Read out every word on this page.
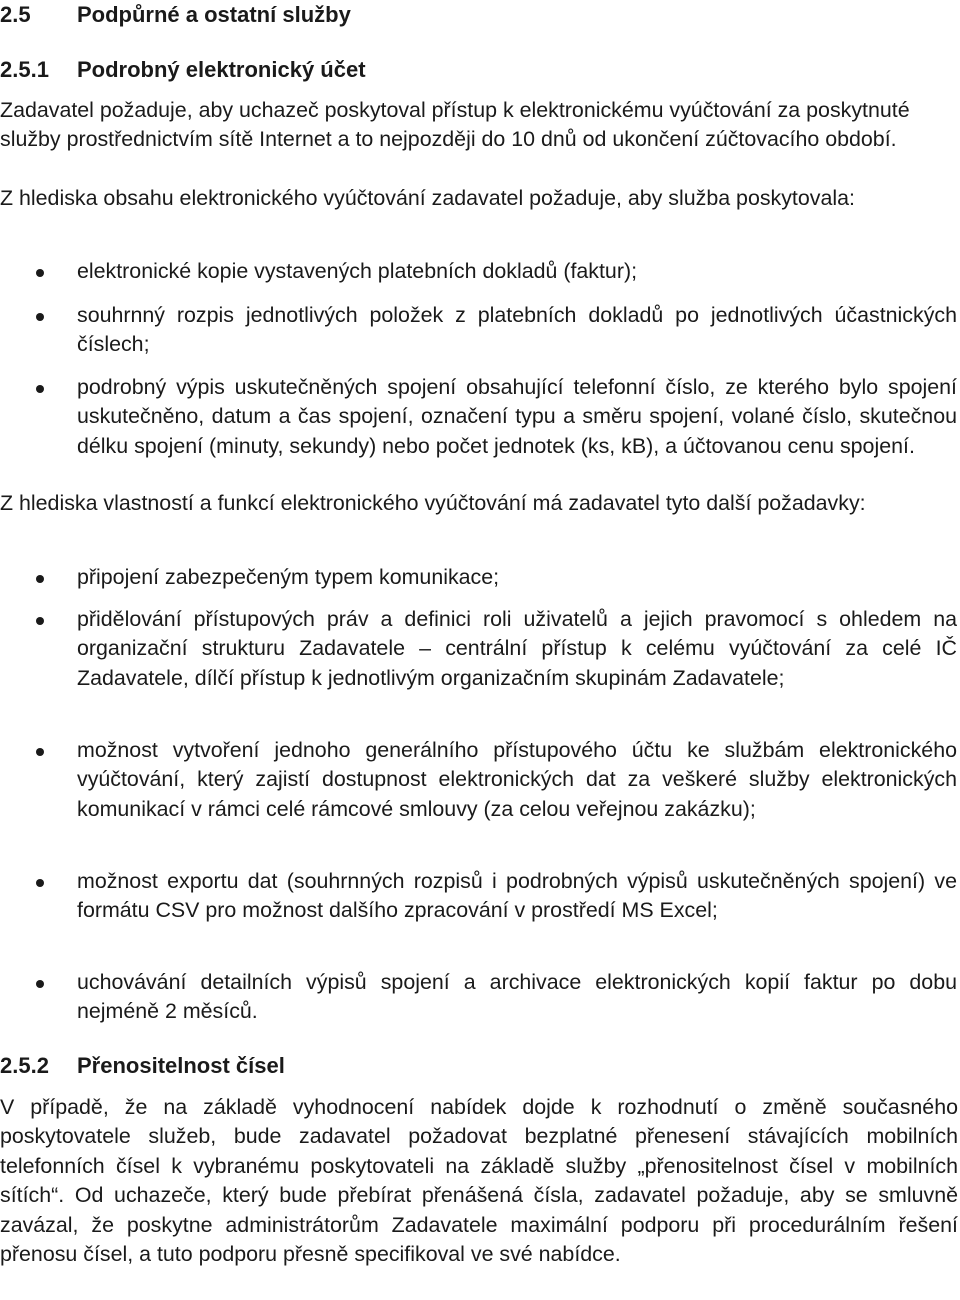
2.5 Podpůrné a ostatní služby
2.5.1 Podrobný elektronický účet

Zadavatel požaduje, aby uchazeč poskytoval přístup k elektronickému vyúčtování za poskytnuté služby prostřednictvím sítě Internet a to nejpozději do 10 dnů od ukončení zúčtovacího období.

Z hlediska obsahu elektronického vyúčtování zadavatel požaduje, aby služba poskytovala:

elektronické kopie vystavených platebních dokladů (faktur);
souhrnný rozpis jednotlivých položek z platebních dokladů po jednotlivých účastnických číslech;
podrobný výpis uskutečněných spojení obsahující telefonní číslo, ze kterého bylo spojení uskutečněno, datum a čas spojení, označení typu a směru spojení, volané číslo, skutečnou délku spojení (minuty, sekundy) nebo počet jednotek (ks, kB), a účtovanou cenu spojení.

Z hlediska vlastností a funkcí elektronického vyúčtování má zadavatel tyto další požadavky:

připojení zabezpečeným typem komunikace;
přidělování přístupových práv a definici roli uživatelů a jejich pravomocí s ohledem na organizační strukturu Zadavatele – centrální přístup k celému vyúčtování za celé IČ Zadavatele, dílčí přístup k jednotlivým organizačním skupinám Zadavatele;
možnost vytvoření jednoho generálního přístupového účtu ke službám elektronického vyúčtování, který zajistí dostupnost elektronických dat za veškeré služby elektronických komunikací v rámci celé rámcové smlouvy (za celou veřejnou zakázku);
možnost exportu dat (souhrnných rozpisů i podrobných výpisů uskutečněných spojení) ve formátu CSV pro možnost dalšího zpracování v prostředí MS Excel;
uchovávání detailních výpisů spojení a archivace elektronických kopií faktur po dobu nejméně 2 měsíců.
2.5.2 Přenositelnost čísel

V případě, že na základě vyhodnocení nabídek dojde k rozhodnutí o změně současného poskytovatele služeb, bude zadavatel požadovat bezplatné přenesení stávajících mobilních telefonních čísel k vybranému poskytovateli na základě služby „přenositelnost čísel v mobilních sítích“. Od uchazeče, který bude přebírat přenášená čísla, zadavatel požaduje, aby se smluvně zavázal, že poskytne administrátorům Zadavatele maximální podporu při procedurálním řešení přenosu čísel, a tuto podporu přesně specifikoval ve své nabídce.
